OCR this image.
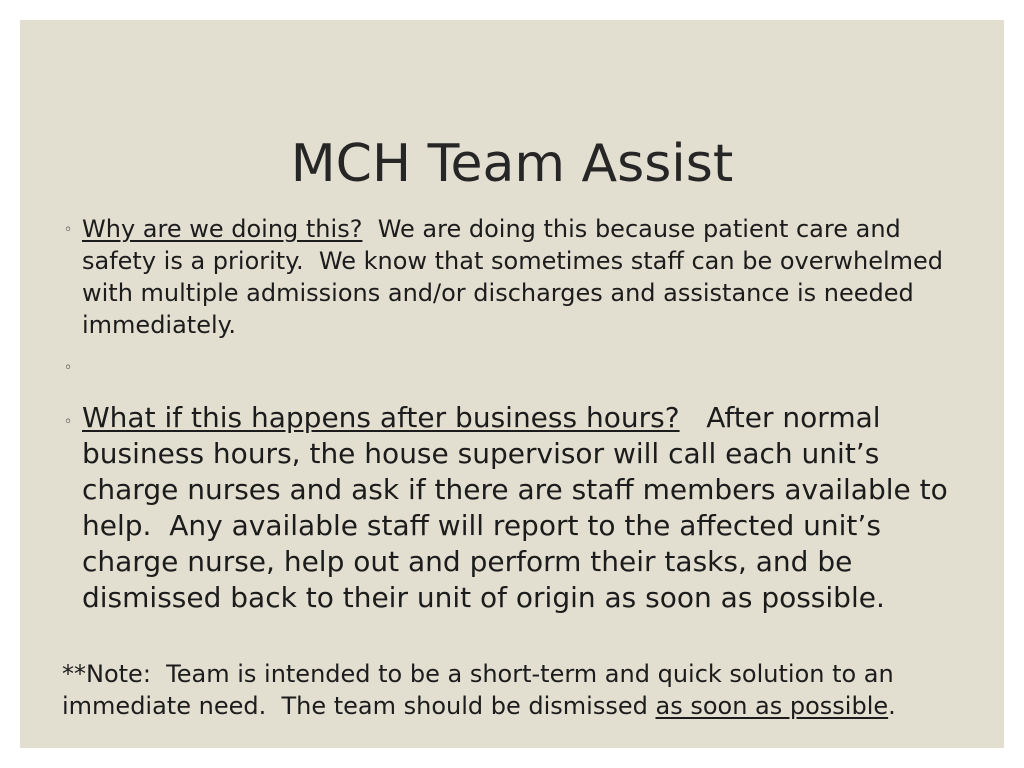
MCH Team Assist
◦ Why are we doing this?  We are doing this because patient care and safety is a priority.  We know that sometimes staff can be overwhelmed with multiple admissions and/or discharges and assistance is needed immediately.
◦
◦ What if this happens after business hours?   After normal business hours, the house supervisor will call each unit’s charge nurses and ask if there are staff members available to help.  Any available staff will report to the affected unit’s charge nurse, help out and perform their tasks, and be dismissed back to their unit of origin as soon as possible.
**Note:  Team is intended to be a short-term and quick solution to an immediate need.  The team should be dismissed as soon as possible.
